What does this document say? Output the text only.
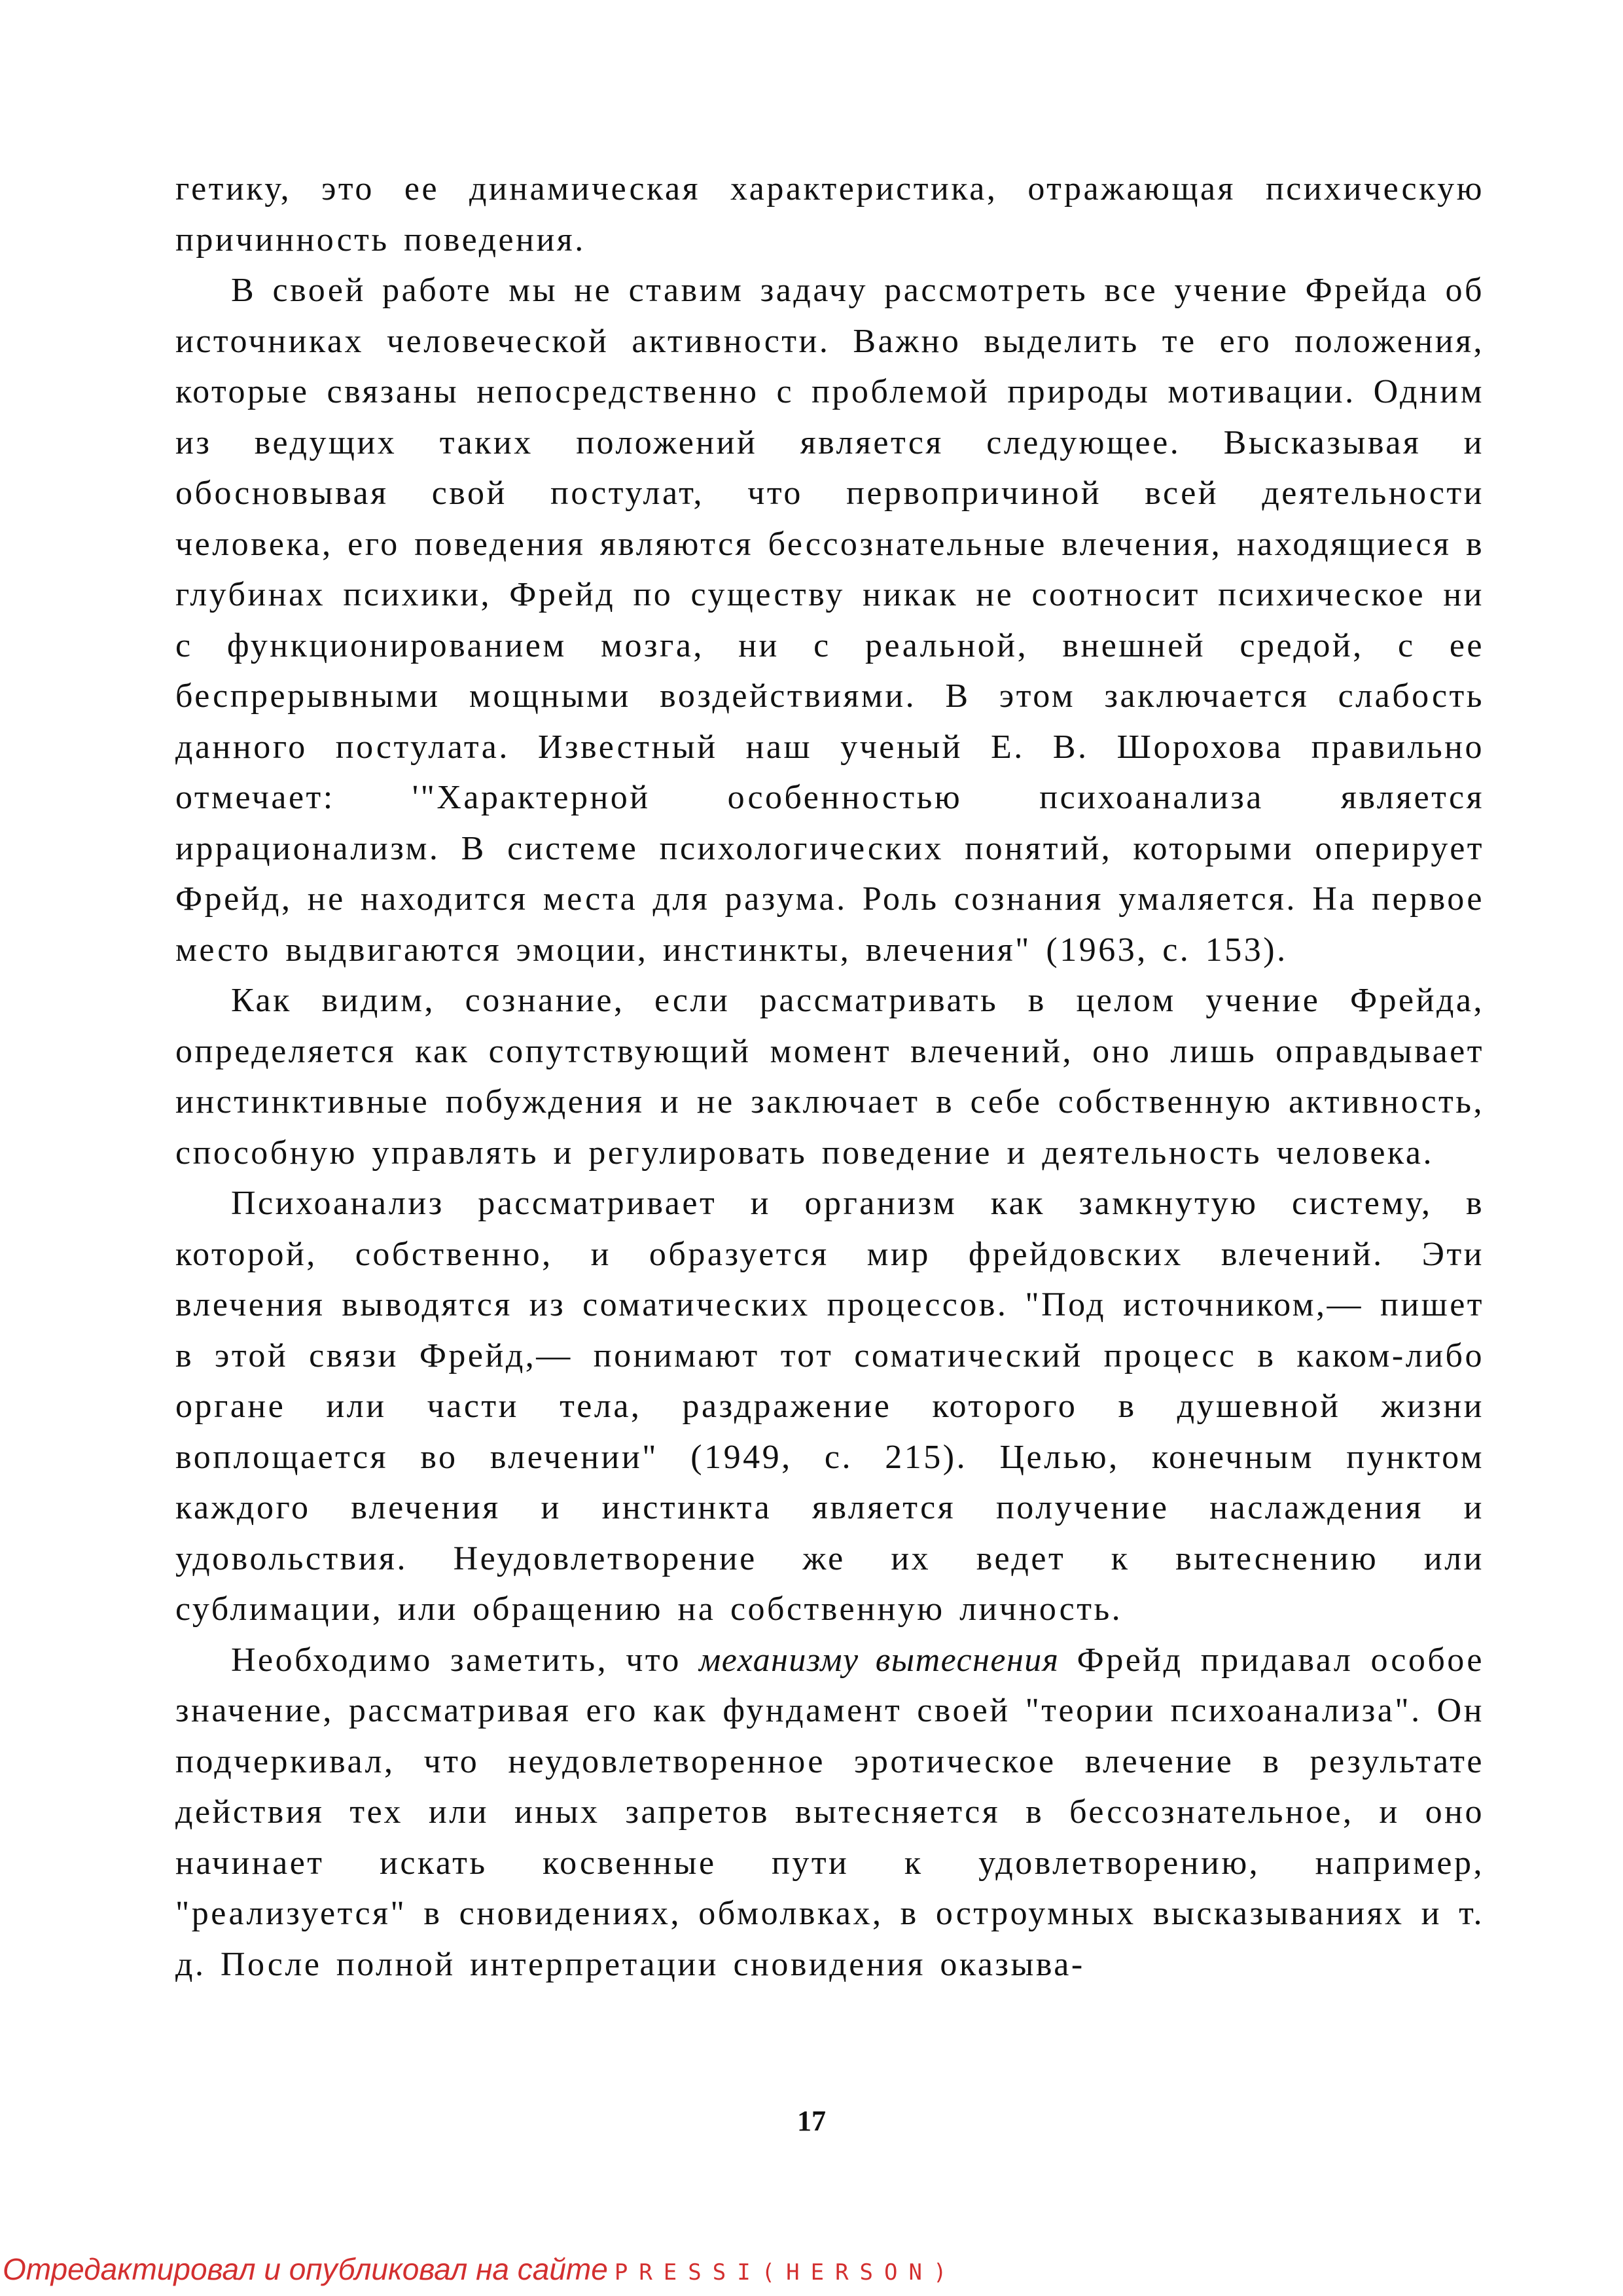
гетику, это ее динамическая характеристика, отражающая психическую причинность поведения.

В своей работе мы не ставим задачу рассмотреть все учение Фрейда об источниках человеческой активности. Важно выделить те его положения, которые связаны непосредственно с проблемой природы мотивации. Одним из ведущих таких положений является следующее. Высказывая и обосновывая свой постулат, что первопричиной всей деятельности человека, его поведения являются бессознательные влечения, находящиеся в глубинах психики, Фрейд по существу никак не соотносит психическое ни с функционированием мозга, ни с реальной, внешней средой, с ее беспрерывными мощными воздействиями. В этом заключается слабость данного постулата. Известный наш ученый Е. В. Шорохова правильно отмечает: '"Характерной особенностью психоанализа является иррационализм. В системе психологических понятий, которыми оперирует Фрейд, не находится места для разума. Роль сознания умаляется. На первое место выдвигаются эмоции, инстинкты, влечения" (1963, с. 153).

Как видим, сознание, если рассматривать в целом учение Фрейда, определяется как сопутствующий момент влечений, оно лишь оправдывает инстинктивные побуждения и не заключает в себе собственную активность, способную управлять и регулировать поведение и деятельность человека.

Психоанализ рассматривает и организм как замкнутую систему, в которой, собственно, и образуется мир фрейдовских влечений. Эти влечения выводятся из соматических процессов. "Под источником,— пишет в этой связи Фрейд,— понимают тот соматический процесс в каком-либо органе или части тела, раздражение которого в душевной жизни воплощается во влечении" (1949, с. 215). Целью, конечным пунктом каждого влечения и инстинкта является получение наслаждения и удовольствия. Неудовлетворение же их ведет к вытеснению или сублимации, или обращению на собственную личность.

Необходимо заметить, что механизму вытеснения Фрейд придавал особое значение, рассматривая его как фундамент своей "теории психоанализа". Он подчеркивал, что неудовлетворенное эротическое влечение в результате действия тех или иных запретов вытесняется в бессознательное, и оно начинает искать косвенные пути к удовлетворению, например, "реализуется" в сновидениях, обмолвках, в остроумных высказываниях и т. д. После полной интерпретации сновидения оказыва-

17
Отредактировал и опубликовал на сайте PRESSI(HERSON)
